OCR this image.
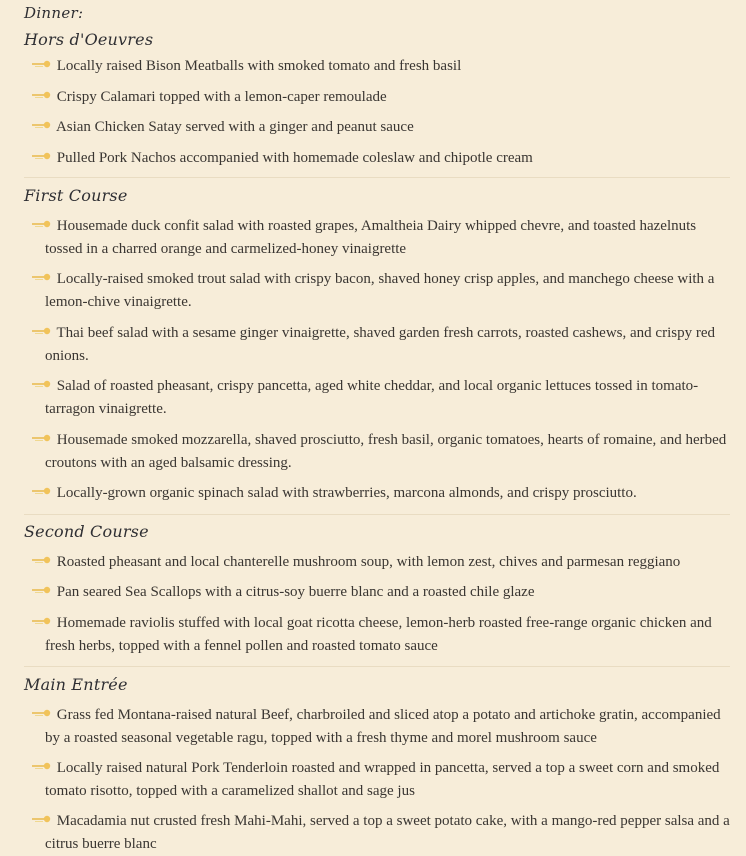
Dinner:
Hors d'Oeuvres
Locally raised Bison Meatballs with smoked tomato and fresh basil
Crispy Calamari topped with a lemon-caper remoulade
Asian Chicken Satay served with a ginger and peanut sauce
Pulled Pork Nachos accompanied with homemade coleslaw and chipotle cream
First Course
Housemade duck confit salad with roasted grapes, Amaltheia Dairy whipped chevre, and toasted hazelnuts tossed in a charred orange and carmelized-honey vinaigrette
Locally-raised smoked trout salad with crispy bacon, shaved honey crisp apples, and manchego cheese with a lemon-chive vinaigrette.
Thai beef salad with a sesame ginger vinaigrette, shaved garden fresh carrots, roasted cashews, and crispy red onions.
Salad of roasted pheasant, crispy pancetta, aged white cheddar, and local organic lettuces tossed in tomato-tarragon vinaigrette.
Housemade smoked mozzarella, shaved prosciutto, fresh basil, organic tomatoes, hearts of romaine, and herbed croutons with an aged balsamic dressing.
Locally-grown organic spinach salad with strawberries, marcona almonds, and crispy prosciutto.
Second Course
Roasted pheasant and local chanterelle mushroom soup, with lemon zest, chives and parmesan reggiano
Pan seared Sea Scallops with a citrus-soy buerre blanc and a roasted chile glaze
Homemade raviolis stuffed with local goat ricotta cheese, lemon-herb roasted free-range organic chicken and fresh herbs, topped with a fennel pollen and roasted tomato sauce
Main Entrée
Grass fed Montana-raised natural Beef, charbroiled and sliced atop a potato and artichoke gratin, accompanied by a roasted seasonal vegetable ragu, topped with a fresh thyme and morel mushroom sauce
Locally raised natural Pork Tenderloin roasted and wrapped in pancetta, served a top a sweet corn and smoked tomato risotto, topped with a caramelized shallot and sage jus
Macadamia nut crusted fresh Mahi-Mahi, served a top a sweet potato cake, with a mango-red pepper salsa and a citrus buerre blanc
